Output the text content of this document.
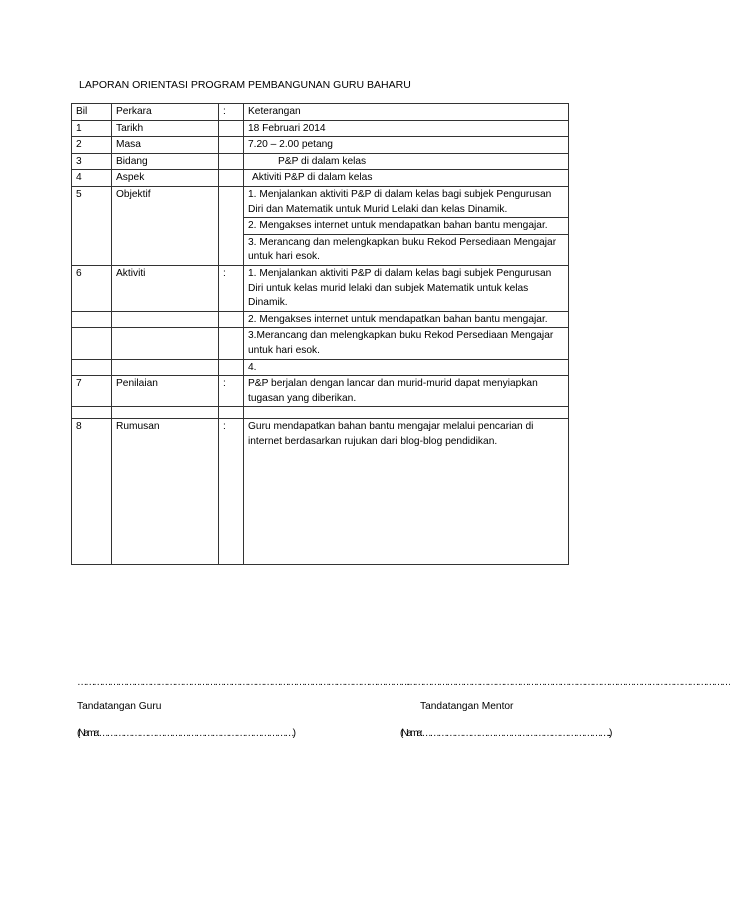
LAPORAN ORIENTASI PROGRAM PEMBANGUNAN GURU BAHARU
Bil	Perkara	:	Keterangan
1	Tarikh		18 Februari 2014
2	Masa		7.20 – 2.00 petang
3	Bidang		P&P di dalam kelas
4	Aspek		Aktiviti P&P di dalam kelas
5	Objektif		1. Menjalankan aktiviti P&P di dalam kelas bagi subjek Pengurusan Diri dan Matematik untuk Murid Lelaki dan kelas Dinamik.
			2. Mengakses internet untuk mendapatkan bahan bantu mengajar.
			3. Merancang dan melengkapkan buku Rekod Persediaan Mengajar untuk hari esok.
6	Aktiviti	:	1. Menjalankan aktiviti P&P di dalam kelas bagi subjek Pengurusan Diri untuk kelas murid lelaki dan subjek Matematik untuk kelas Dinamik.
			2. Mengakses internet untuk mendapatkan bahan bantu mengajar.
			3.Merancang dan melengkapkan buku Rekod Persediaan Mengajar untuk hari esok.
			4.
7	Penilaian	:	P&P berjalan dengan lancar dan murid-murid dapat menyiapkan tugasan yang diberikan.

8	Rumusan	:	Guru mendapatkan bahan bantu mengajar melalui pencarian di internet berdasarkan rujukan dari blog-blog pendidikan.
……………………………………………………………………………………………………………
………………………………………………………………………………………………………….
Tandatangan Guru	Tandatangan Mentor
(Nama: ………………………………………………………………)	(Nama: ……………………………………………………………..)
